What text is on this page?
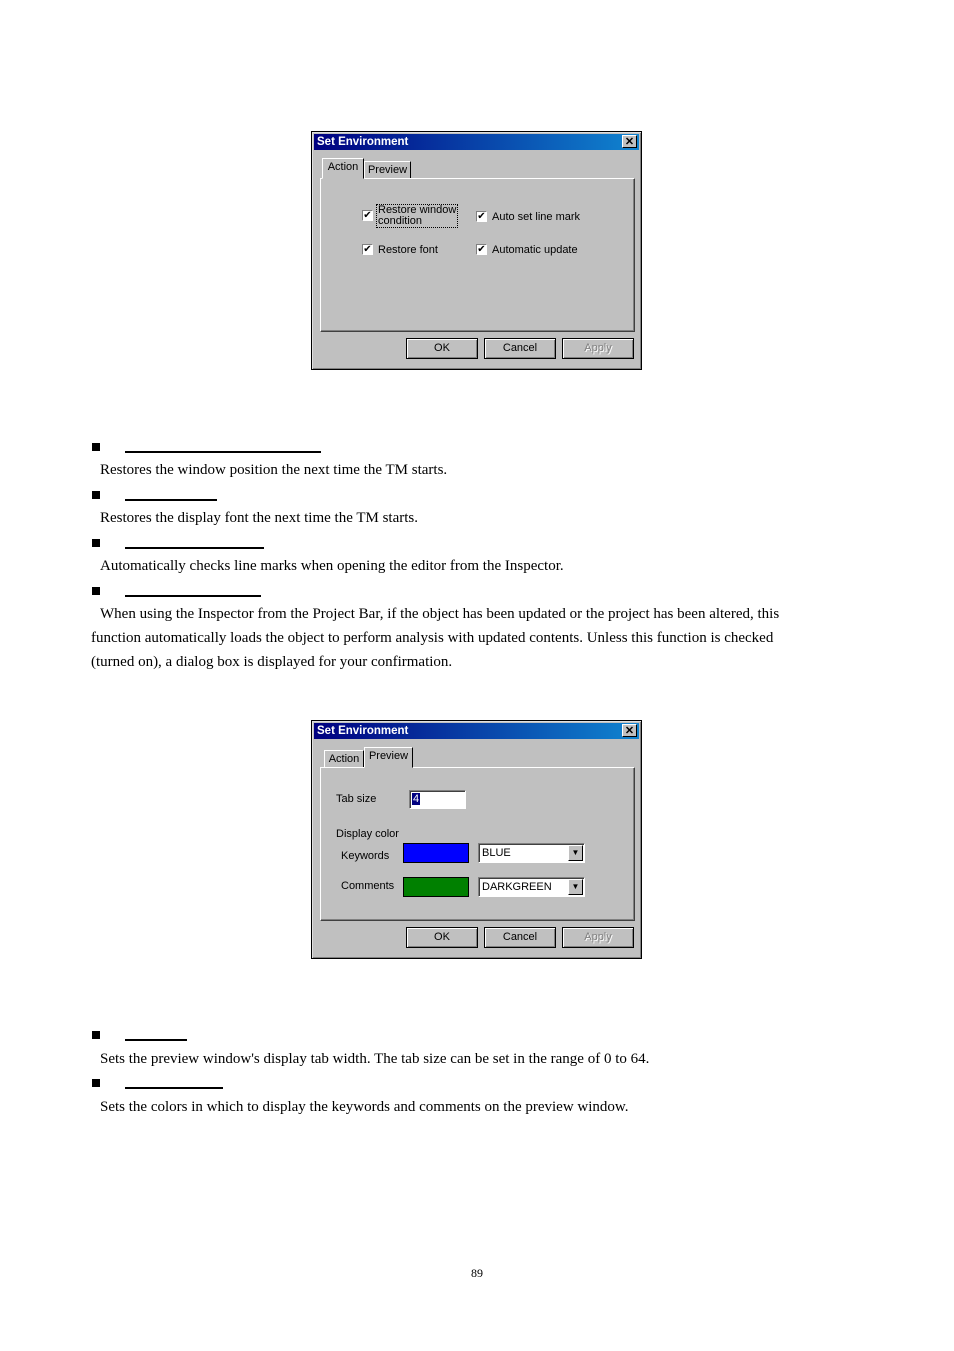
Set Environment	✕
Action Preview
✔ Restore window
condition	✔ Auto set line mark
✔ Restore font	✔ Automatic update
OK	Cancel	Apply
Restores the window position the next time the TM starts.
Restores the display font the next time the TM starts.
Automatically checks line marks when opening the editor from the Inspector.
When using the Inspector from the Project Bar, if the object has been updated or the project has been altered, this
function automatically loads the object to perform analysis with updated contents. Unless this function is checked
(turned on), a dialog box is displayed for your confirmation.
Set Environment	✕
Action Preview
Tab size	4
Display color
Keywords	BLUE	▼
Comments	DARKGREEN	▼
OK	Cancel	Apply
Sets the preview window's display tab width. The tab size can be set in the range of 0 to 64.
Sets the colors in which to display the keywords and comments on the preview window.
89
